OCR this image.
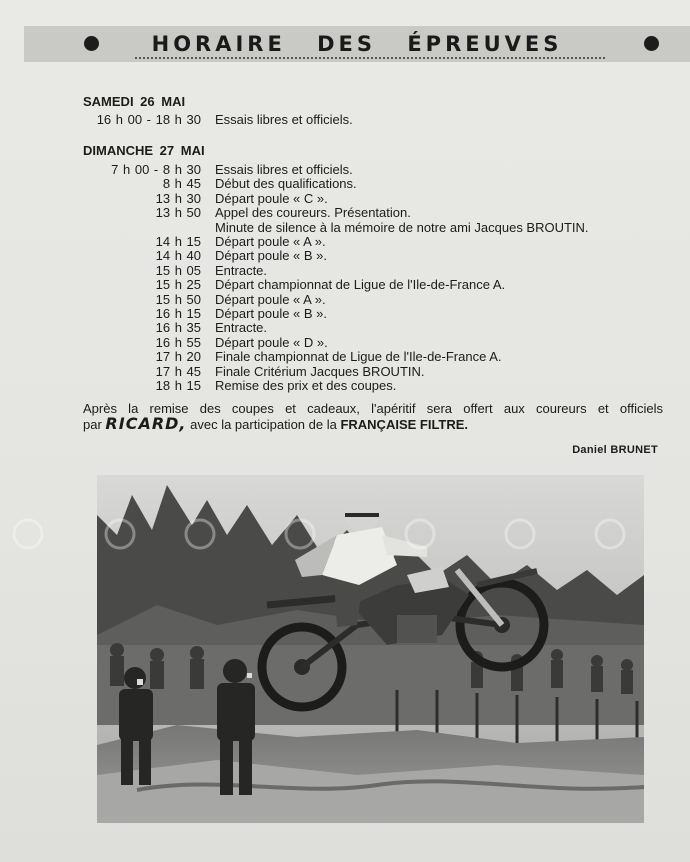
HORAIRE DES ÉPREUVES
SAMEDI 26 MAI
16 h 00 - 18 h 30 Essais libres et officiels.
DIMANCHE 27 MAI
7 h 00 - 8 h 30 Essais libres et officiels.
8 h 45 Début des qualifications.
13 h 30 Départ poule « C ».
13 h 50 Appel des coureurs. Présentation.
Minute de silence à la mémoire de notre ami Jacques BROUTIN.
14 h 15 Départ poule « A ».
14 h 40 Départ poule « B ».
15 h 05 Entracte.
15 h 25 Départ championnat de Ligue de l'Ile-de-France A.
15 h 50 Départ poule « A ».
16 h 15 Départ poule « B ».
16 h 35 Entracte.
16 h 55 Départ poule « D ».
17 h 20 Finale championnat de Ligue de l'Ile-de-France A.
17 h 45 Finale Critérium Jacques BROUTIN.
18 h 15 Remise des prix et des coupes.
Après la remise des coupes et cadeaux, l'apéritif sera offert aux coureurs et officiels
par RICARD, avec la participation de la FRANÇAISE FILTRE.
Daniel BRUNET
